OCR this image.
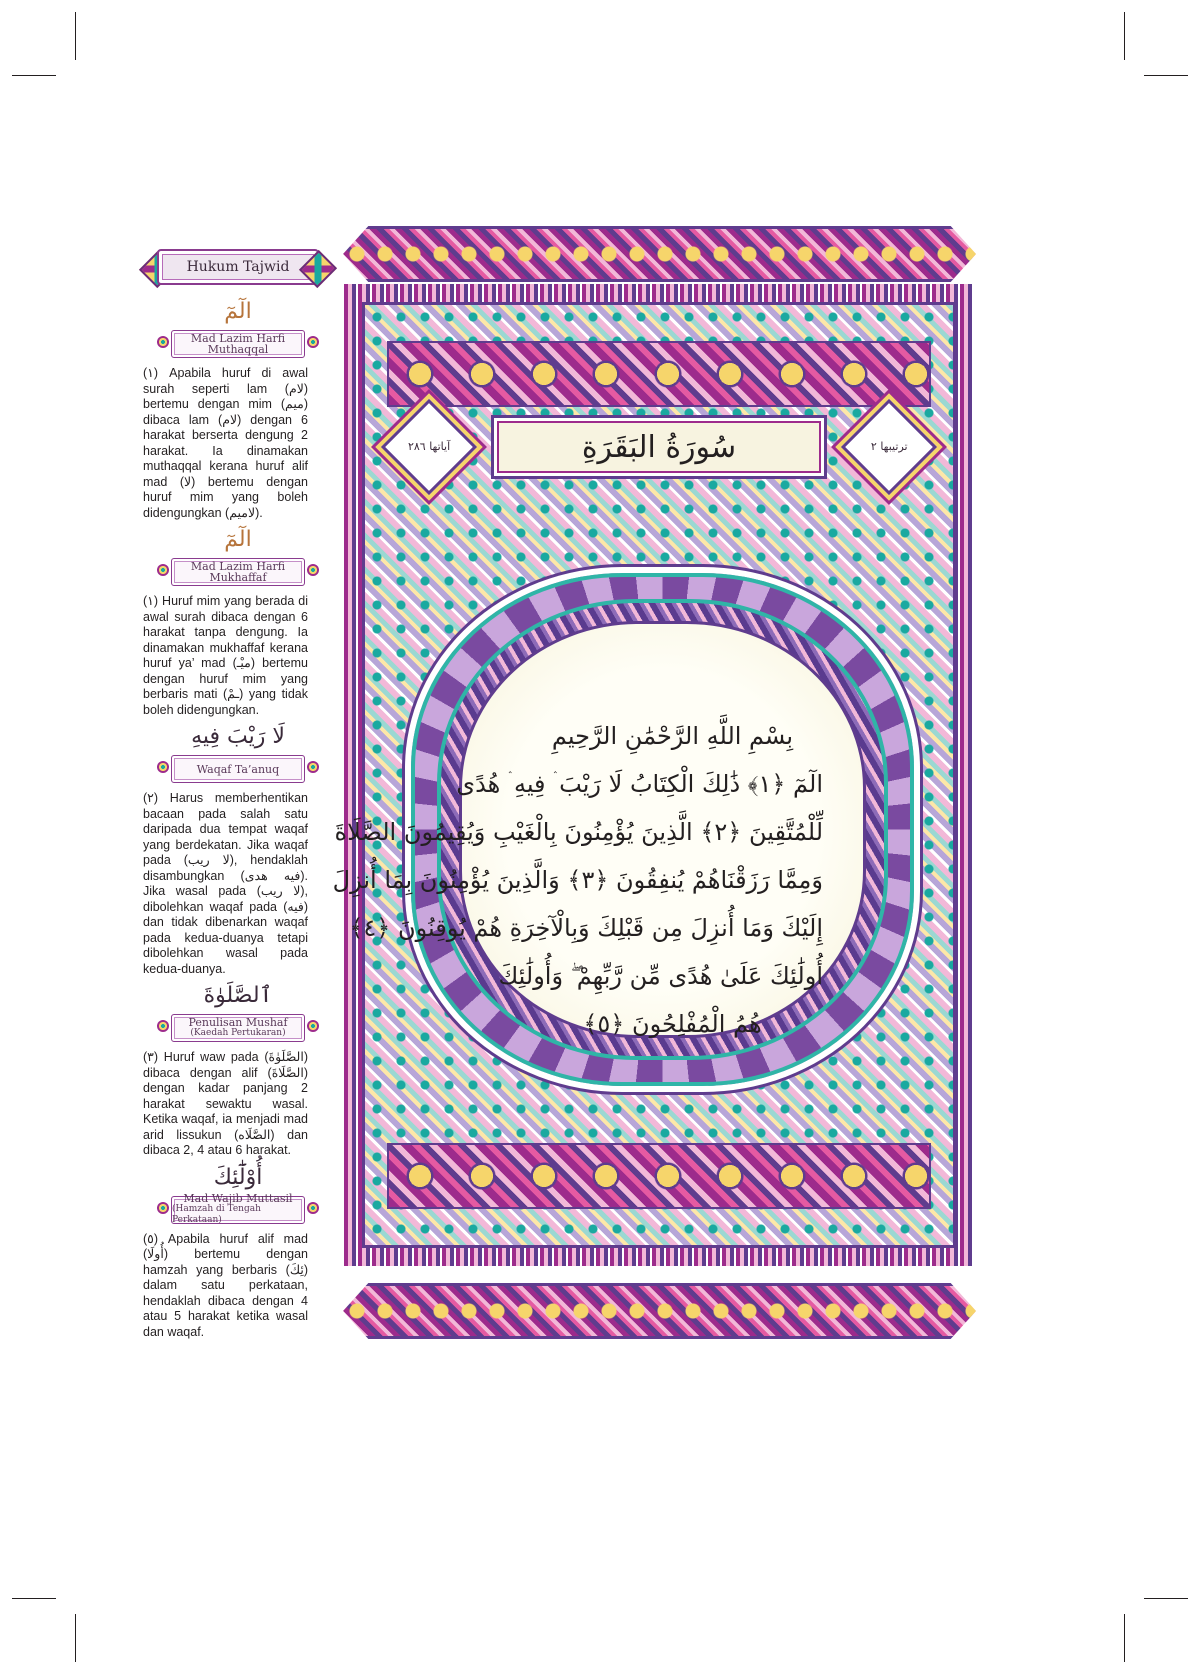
Hukum Tajwid
الٓمٓ
Mad Lazim Harfi
Muthaqqal
(١) Apabila huruf di awal surah seperti lam (لام) bertemu dengan mim (ميم) dibaca lam (لام) dengan 6 harakat berserta dengung 2 harakat. Ia dinamakan muthaqqal kerana huruf alif mad (لا) bertemu dengan huruf mim yang boleh didengungkan (لاميم).
الٓمٓ
Mad Lazim Harfi
Mukhaffaf
(١) Huruf mim yang berada di awal surah dibaca dengan 6 harakat tanpa dengung. Ia dinamakan mukhaffaf kerana huruf ya’ mad (ميْـ) bertemu dengan huruf mim yang berbaris mati (ـمْ) yang tidak boleh didengungkan.
لَا رَيْبَ فِيهِ
Waqaf Ta’anuq
(٢) Harus memberhentikan bacaan pada salah satu daripada dua tempat waqaf yang berdekatan. Jika waqaf pada (لا ريب), hendaklah disambungkan (فيه هدى). Jika wasal pada (لا ريب), dibolehkan waqaf pada (فيه) dan tidak dibenarkan waqaf pada kedua-duanya tetapi dibolehkan wasal pada kedua-duanya.
ٱلصَّلَوٰةَ
Penulisan Mushaf
(Kaedah Pertukaran)
(٣) Huruf waw pada (الصَّلَوٰةَ) dibaca dengan alif (الصَّلَاةَ) dengan kadar panjang 2 harakat sewaktu wasal. Ketika waqaf, ia menjadi mad arid lissukun (الصَّلَاه) dan dibaca 2, 4 atau 6 harakat.
أُوْلَٰٓئِكَ
Mad Wajib Muttasil
(Hamzah di Tengah Perkataan)
(٥) Apabila huruf alif mad (أُولَا) bertemu dengan hamzah yang berbaris (ئِكَ) dalam satu perkataan, hendaklah dibaca dengan 4 atau 5 harakat ketika wasal dan waqaf.
آياتها ٢٨٦	سُورَةُ البَقَرَةِ	ترتيبها ٢
بِسْمِ اللَّهِ الرَّحْمَٰنِ الرَّحِيمِ
الٓمٓ ﴿١﴾ ذَٰلِكَ الْكِتَابُ لَا رَيْبَ ۛ فِيهِ ۛ هُدًى
لِّلْمُتَّقِينَ ﴿٢﴾ الَّذِينَ يُؤْمِنُونَ بِالْغَيْبِ وَيُقِيمُونَ الصَّلَاةَ
وَمِمَّا رَزَقْنَاهُمْ يُنفِقُونَ ﴿٣﴾ وَالَّذِينَ يُؤْمِنُونَ بِمَا أُنزِلَ
إِلَيْكَ وَمَا أُنزِلَ مِن قَبْلِكَ وَبِالْآخِرَةِ هُمْ يُوقِنُونَ ﴿٤﴾
أُولَٰئِكَ عَلَىٰ هُدًى مِّن رَّبِّهِمْ ۖ وَأُولَٰئِكَ
هُمُ الْمُفْلِحُونَ ﴿٥﴾
